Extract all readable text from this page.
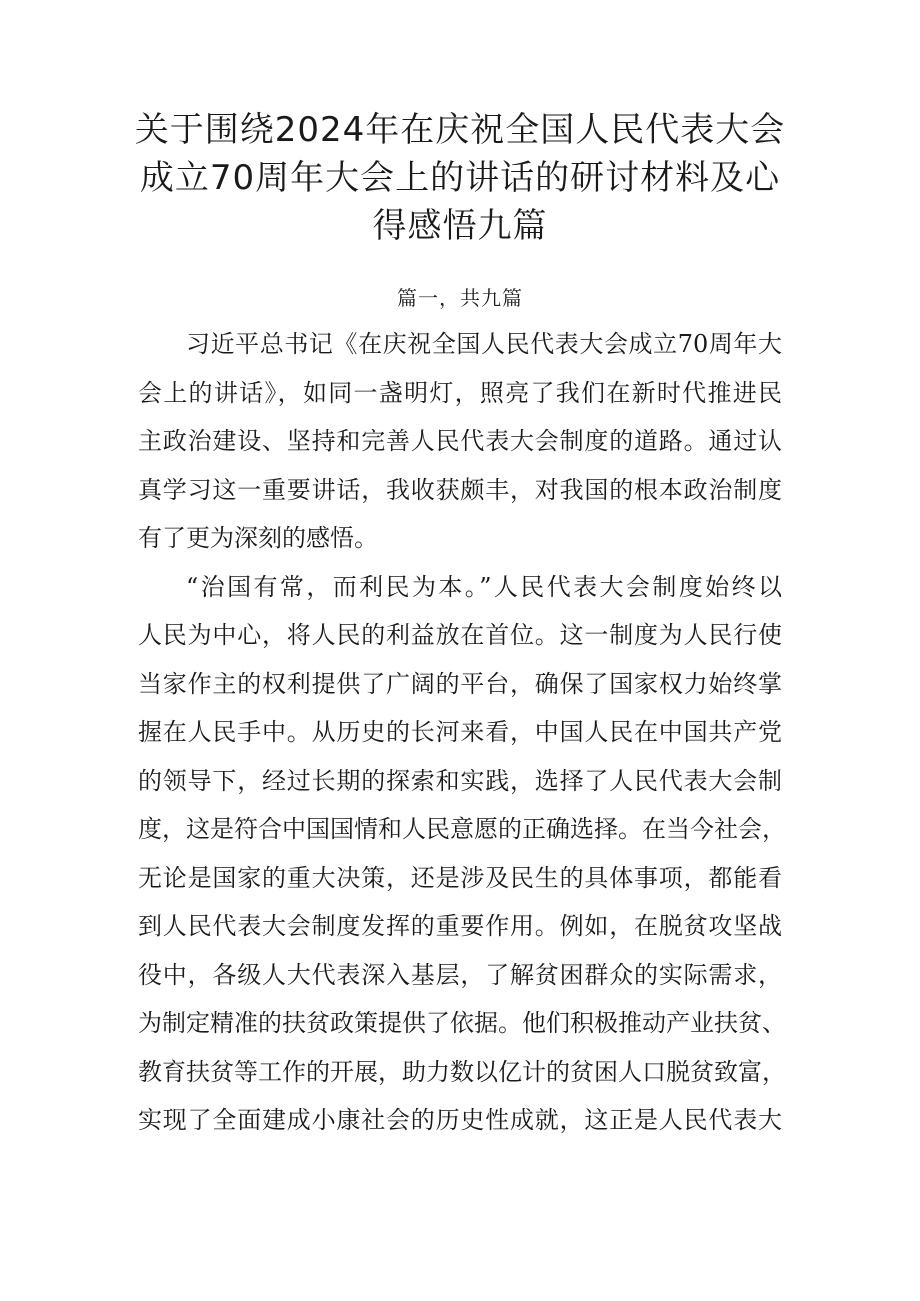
关于围绕2024年在庆祝全国人民代表大会
成立70周年大会上的讲话的研讨材料及心
得感悟九篇
篇一，共九篇
习近平总书记《在庆祝全国人民代表大会成立70周年大
会上的讲话》，如同一盏明灯，照亮了我们在新时代推进民
主政治建设、坚持和完善人民代表大会制度的道路。通过认
真学习这一重要讲话，我收获颇丰，对我国的根本政治制度
有了更为深刻的感悟。
“治国有常，而利民为本。”人民代表大会制度始终以
人民为中心，将人民的利益放在首位。这一制度为人民行使
当家作主的权利提供了广阔的平台，确保了国家权力始终掌
握在人民手中。从历史的长河来看，中国人民在中国共产党
的领导下，经过长期的探索和实践，选择了人民代表大会制
度，这是符合中国国情和人民意愿的正确选择。在当今社会，
无论是国家的重大决策，还是涉及民生的具体事项，都能看
到人民代表大会制度发挥的重要作用。例如，在脱贫攻坚战
役中，各级人大代表深入基层，了解贫困群众的实际需求，
为制定精准的扶贫政策提供了依据。他们积极推动产业扶贫、
教育扶贫等工作的开展，助力数以亿计的贫困人口脱贫致富，
实现了全面建成小康社会的历史性成就，这正是人民代表大
